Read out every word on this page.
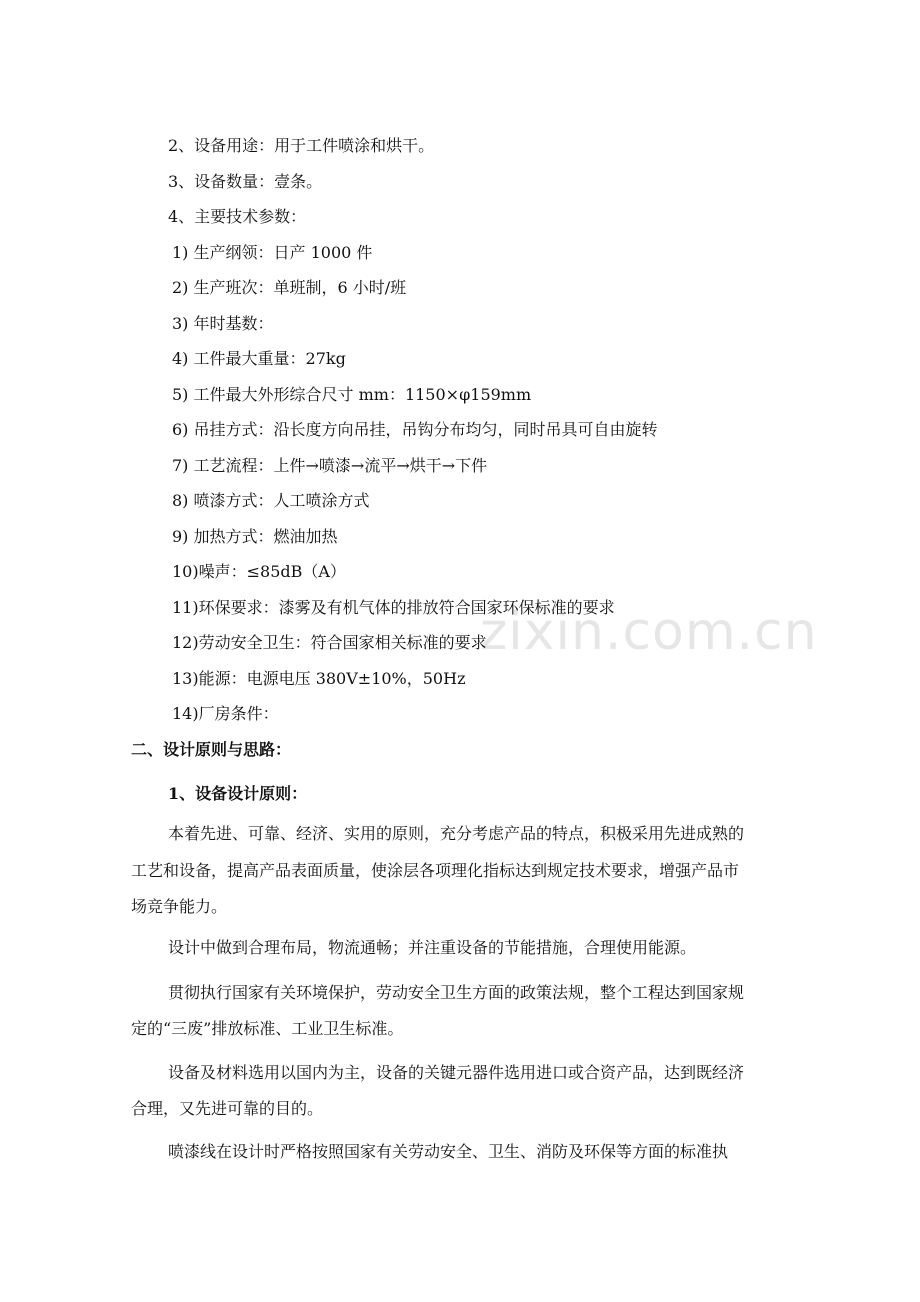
zixin.com.cn
2、设备用途：用于工件喷涂和烘干。
3、设备数量：壹条。
4、主要技术参数：
1) 生产纲领：日产 1000 件
2) 生产班次：单班制，6 小时/班
3) 年时基数：
4) 工件最大重量：27kg
5) 工件最大外形综合尺寸 mm：1150×φ159mm
6) 吊挂方式：沿长度方向吊挂，吊钩分布均匀，同时吊具可自由旋转
7) 工艺流程：上件→喷漆→流平→烘干→下件
8) 喷漆方式：人工喷涂方式
9) 加热方式：燃油加热
10)噪声：≤85dB（A）
11)环保要求：漆雾及有机气体的排放符合国家环保标准的要求
12)劳动安全卫生：符合国家相关标准的要求
13)能源：电源电压 380V±10%，50Hz
14)厂房条件：
二、设计原则与思路：
1、设备设计原则：
本着先进、可靠、经济、实用的原则，充分考虑产品的特点，积极采用先进成熟的
工艺和设备，提高产品表面质量，使涂层各项理化指标达到规定技术要求，增强产品市
场竞争能力。
设计中做到合理布局，物流通畅；并注重设备的节能措施，合理使用能源。
贯彻执行国家有关环境保护，劳动安全卫生方面的政策法规，整个工程达到国家规
定的“三废”排放标准、工业卫生标准。
设备及材料选用以国内为主，设备的关键元器件选用进口或合资产品，达到既经济
合理，又先进可靠的目的。
喷漆线在设计时严格按照国家有关劳动安全、卫生、消防及环保等方面的标准执
